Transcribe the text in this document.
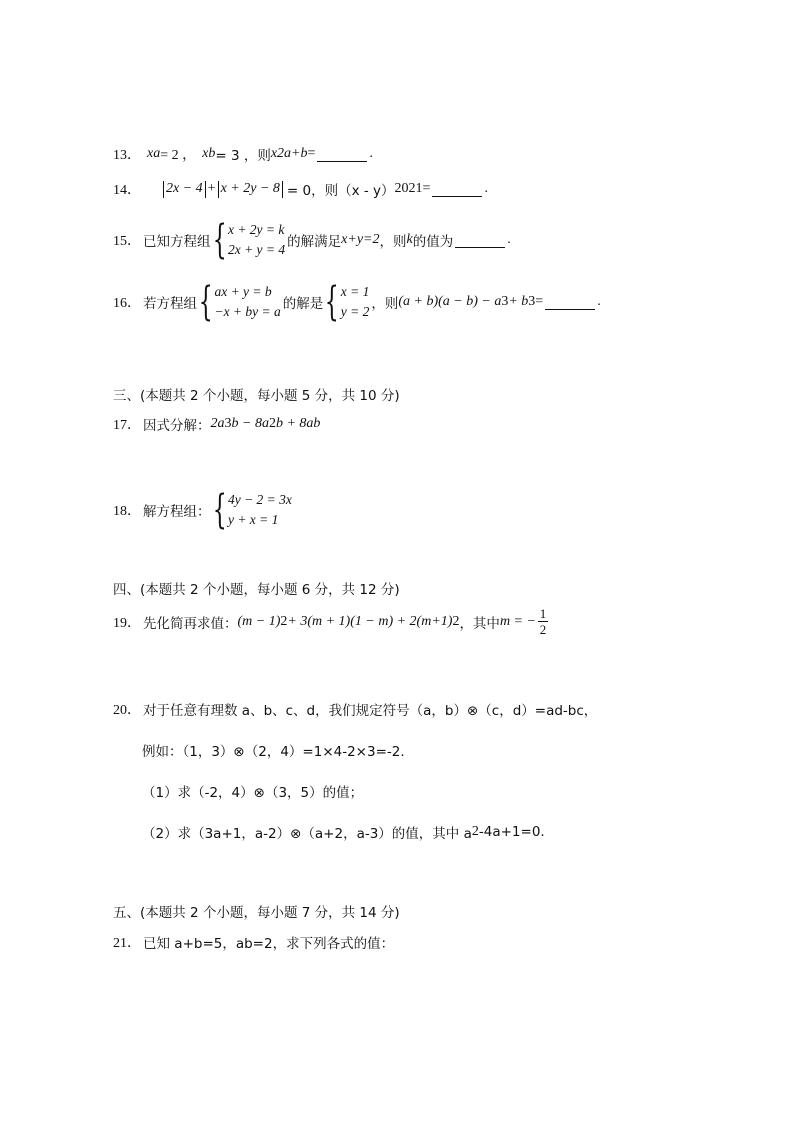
13． x a = 2 ， x b = 3 ，则 x 2a+b =	.
14． 2x − 4 + x + 2y − 8 = 0，则（x - y） 2021 =	.
15． 已知方程组 { x + 2y = k
2x + y = 4 的解满足 x+y=2 ，则 k 的值为	.
16． 若方程组 { ax + y = b
−x + by = a 的解是 { x = 1
y = 2 ，则 (a + b)(a − b) − a 3 + b 3 =	.
三、(本题共 2 个小题，每小题 5 分，共 10 分)
17． 因式分解： 2a 3 b − 8a 2 b + 8ab
18． 解方程组： { 4y − 2 = 3x
y + x = 1
四、(本题共 2 个小题，每小题 6 分，共 12 分)
19． 先化简再求值： (m − 1) 2 + 3(m + 1)(1 − m) + 2(m+1) 2 ，其中 m = − $\frac{1}{2}$
20． 对于任意有理数 a、b、c、d，我们规定符号（a，b）⊗（c，d）=ad-bc，
例如：（1，3）⊗（2，4）=1×4-2×3=-2.
（1）求（-2，4）⊗（3，5）的值；
（2）求（3a+1，a-2）⊗（a+2，a-3）的值，其中 a 2 -4a+1=0.
五、(本题共 2 个小题，每小题 7 分，共 14 分)
21． 已知 a+b=5，ab=2，求下列各式的值：
